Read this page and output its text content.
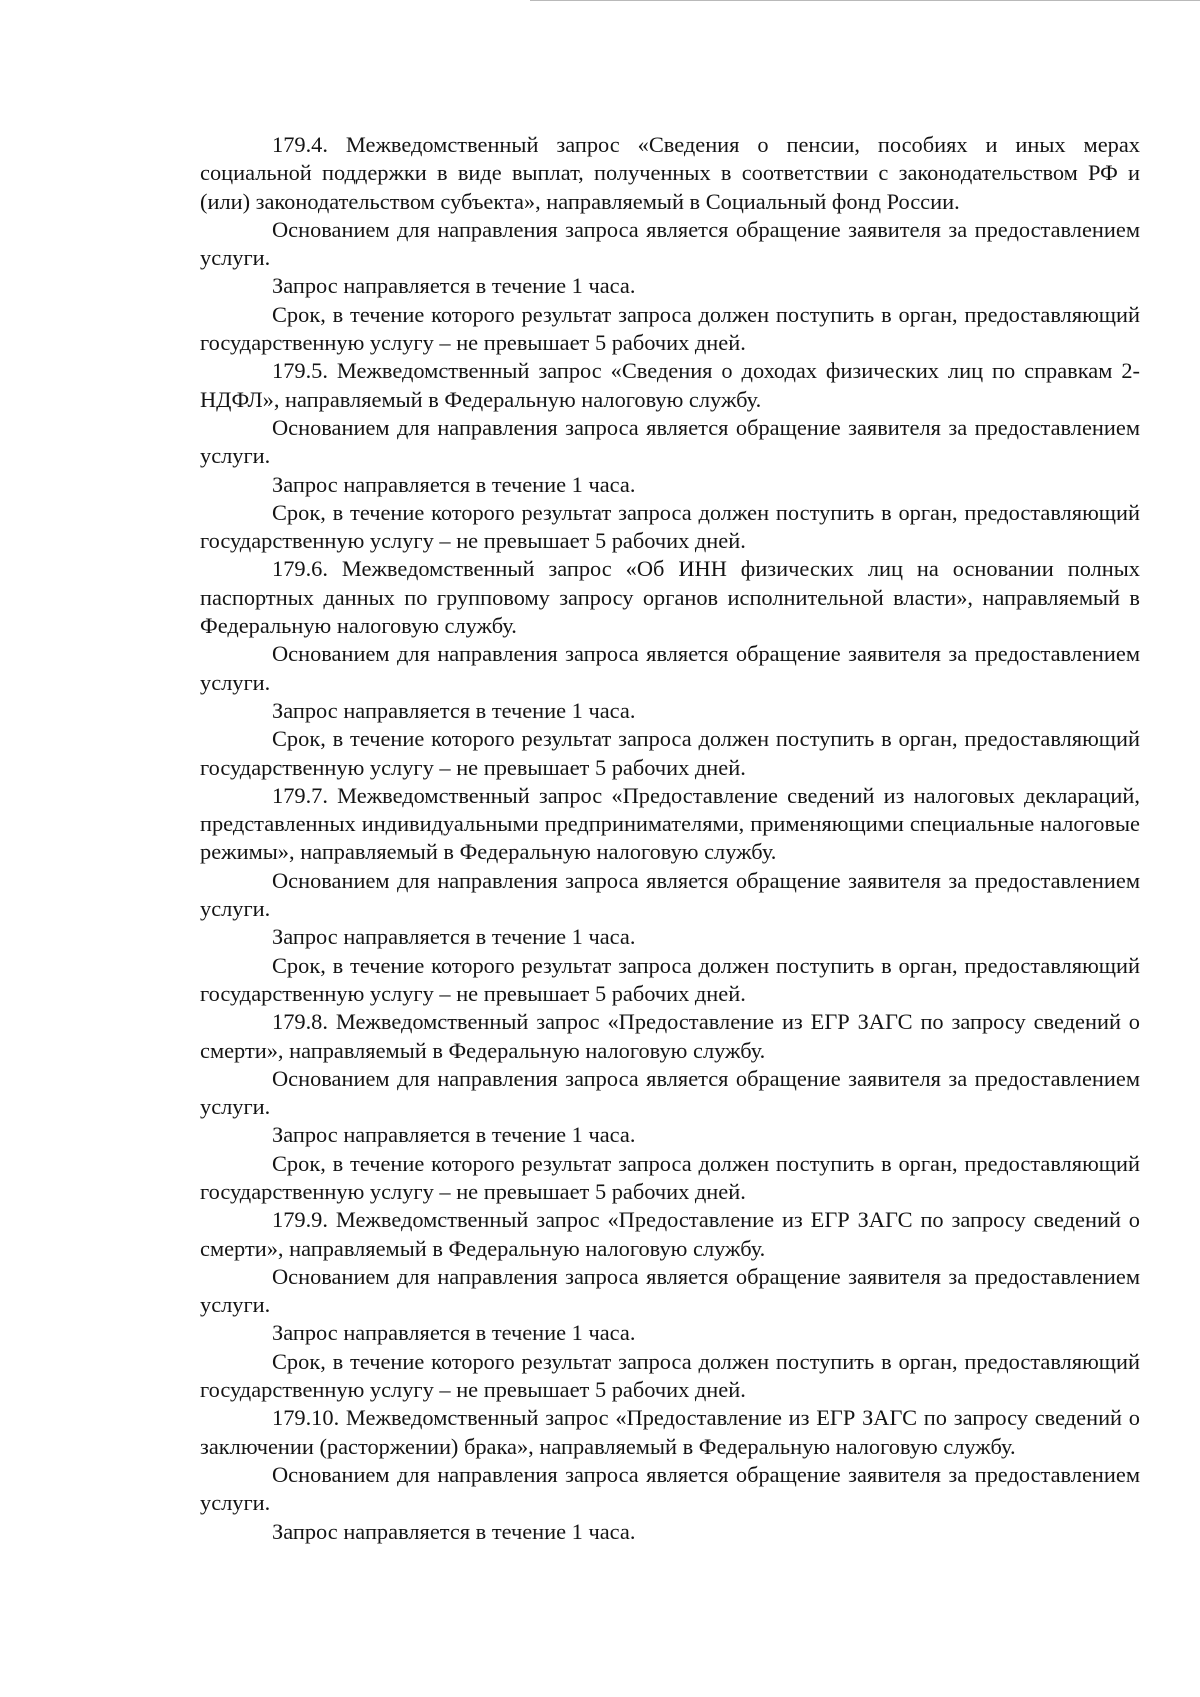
179.4. Межведомственный запрос «Сведения о пенсии, пособиях и иных мерах социальной поддержки в виде выплат, полученных в соответствии с законодательством РФ и (или) законодательством субъекта», направляемый в Социальный фонд России.

Основанием для направления запроса является обращение заявителя за предоставлением услуги.

Запрос направляется в течение 1 часа.

Срок, в течение которого результат запроса должен поступить в орган, предоставляющий государственную услугу – не превышает 5 рабочих дней.

179.5. Межведомственный запрос «Сведения о доходах физических лиц по справкам 2-НДФЛ», направляемый в Федеральную налоговую службу.

Основанием для направления запроса является обращение заявителя за предоставлением услуги.

Запрос направляется в течение 1 часа.

Срок, в течение которого результат запроса должен поступить в орган, предоставляющий государственную услугу – не превышает 5 рабочих дней.

179.6. Межведомственный запрос «Об ИНН физических лиц на основании полных паспортных данных по групповому запросу органов исполнительной власти», направляемый в Федеральную налоговую службу.

Основанием для направления запроса является обращение заявителя за предоставлением услуги.

Запрос направляется в течение 1 часа.

Срок, в течение которого результат запроса должен поступить в орган, предоставляющий государственную услугу – не превышает 5 рабочих дней.

179.7. Межведомственный запрос «Предоставление сведений из налоговых деклараций, представленных индивидуальными предпринимателями, применяющими специальные налоговые режимы», направляемый в Федеральную налоговую службу.

Основанием для направления запроса является обращение заявителя за предоставлением услуги.

Запрос направляется в течение 1 часа.

Срок, в течение которого результат запроса должен поступить в орган, предоставляющий государственную услугу – не превышает 5 рабочих дней.

179.8. Межведомственный запрос «Предоставление из ЕГР ЗАГС по запросу сведений о смерти», направляемый в Федеральную налоговую службу.

Основанием для направления запроса является обращение заявителя за предоставлением услуги.

Запрос направляется в течение 1 часа.

Срок, в течение которого результат запроса должен поступить в орган, предоставляющий государственную услугу – не превышает 5 рабочих дней.

179.9. Межведомственный запрос «Предоставление из ЕГР ЗАГС по запросу сведений о смерти», направляемый в Федеральную налоговую службу.

Основанием для направления запроса является обращение заявителя за предоставлением услуги.

Запрос направляется в течение 1 часа.

Срок, в течение которого результат запроса должен поступить в орган, предоставляющий государственную услугу – не превышает 5 рабочих дней.

179.10. Межведомственный запрос «Предоставление из ЕГР ЗАГС по запросу сведений о заключении (расторжении) брака», направляемый в Федеральную налоговую службу.

Основанием для направления запроса является обращение заявителя за предоставлением услуги.

Запрос направляется в течение 1 часа.
